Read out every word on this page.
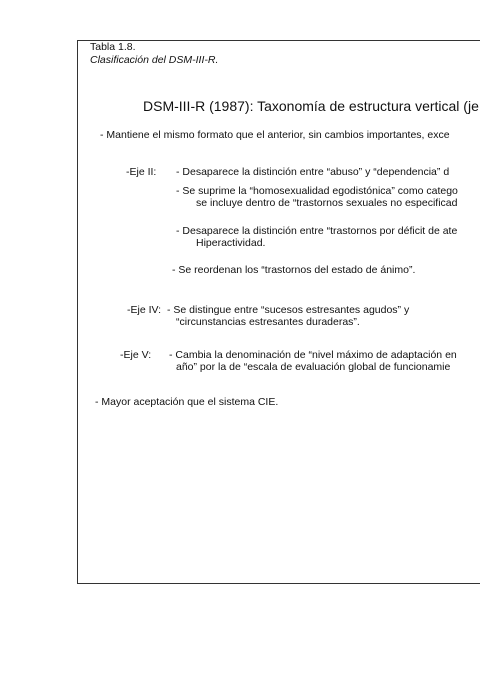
Tabla 1.8.
Clasificación del DSM-III-R.
DSM-III-R (1987): Taxonomía de estructura vertical (je
- Mantiene el mismo formato que el anterior, sin cambios importantes, exce
-Eje II: - Desaparece la distinción entre “abuso” y “dependencia” d
- Se suprime la “homosexualidad egodistónica” como catego
se incluye dentro de “trastornos sexuales no especificad
- Desaparece la distinción entre “trastornos por déficit de ate
Hiperactividad.
- Se reordenan los “trastornos del estado de ánimo”.
-Eje IV: - Se distingue entre “sucesos estresantes agudos” y
“circunstancias estresantes duraderas”.
-Eje V: - Cambia la denominación de “nivel máximo de adaptación en
año” por la de “escala de evaluación global de funcionamie
- Mayor aceptación que el sistema CIE.
